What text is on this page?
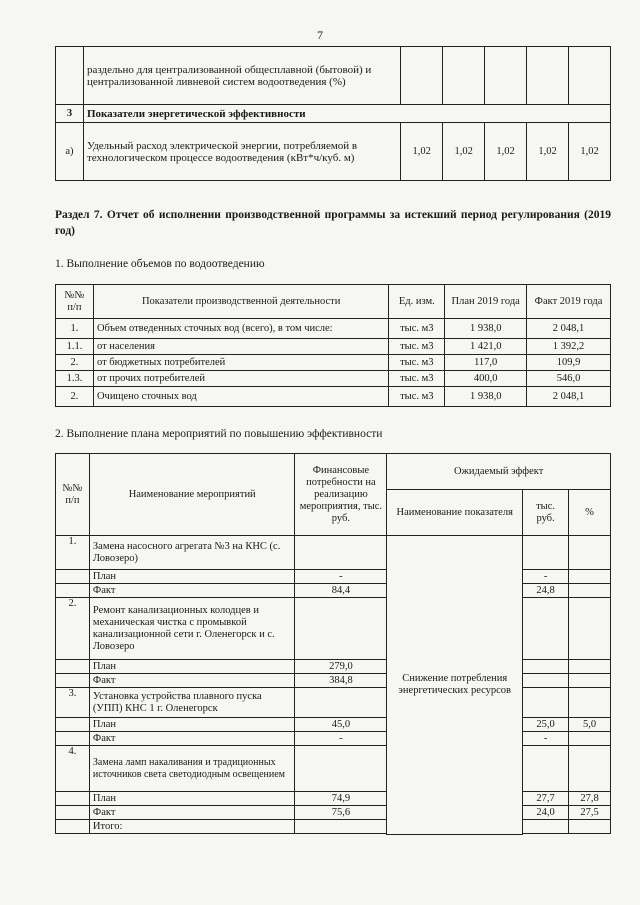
7
	раздельно для централизованной общесплавной (бытовой) и централизованной ливневой систем водоотведения (%)					
3	Показатели энергетической эффективности					
а)	Удельный расход электрической энергии, потребляемой в технологическом процессе водоотведения (кВт*ч/куб. м)	1,02	1,02	1,02	1,02	1,02
Раздел 7. Отчет об исполнении производственной программы за истекший период регулирования (2019 год)
1. Выполнение объемов по водоотведению
№№ п/п	Показатели производственной деятельности	Ед. изм.	План 2019 года	Факт 2019 года
1.	Объем отведенных сточных вод (всего), в том числе:	тыс. м3	1 938,0	2 048,1
1.1.	от населения	тыс. м3	1 421,0	1 392,2
2.	от бюджетных потребителей	тыс. м3	117,0	109,9
1.3.	от прочих потребителей	тыс. м3	400,0	546,0
2.	Очищено сточных вод	тыс. м3	1 938,0	2 048,1
2. Выполнение плана мероприятий по повышению эффективности
№№ п/п	Наименование мероприятий	Финансовые потребности на реализацию мероприятия, тыс. руб.	Ожидаемый эффект		
			Наименование показателя	тыс. руб.	%
1.	Замена насосного агрегата №3 на КНС (с. Ловозеро)		Снижение потребления энергетических ресурсов		
	План	-		-	
	Факт	84,4		24,8	
2.	Ремонт канализационных колодцев и механическая чистка с промывкой канализационной сети г. Оленегорск и с. Ловозеро				
	План	279,0			
	Факт	384,8			
3.	Установка устройства плавного пуска (УПП) КНС 1 г. Оленегорск				
	План	45,0		25,0	5,0
	Факт	-		-	
4.	Замена ламп накаливания и традиционных источников света светодиодным освещением				
	План	74,9		27,7	27,8
	Факт	75,6		24,0	27,5
	Итого:				
